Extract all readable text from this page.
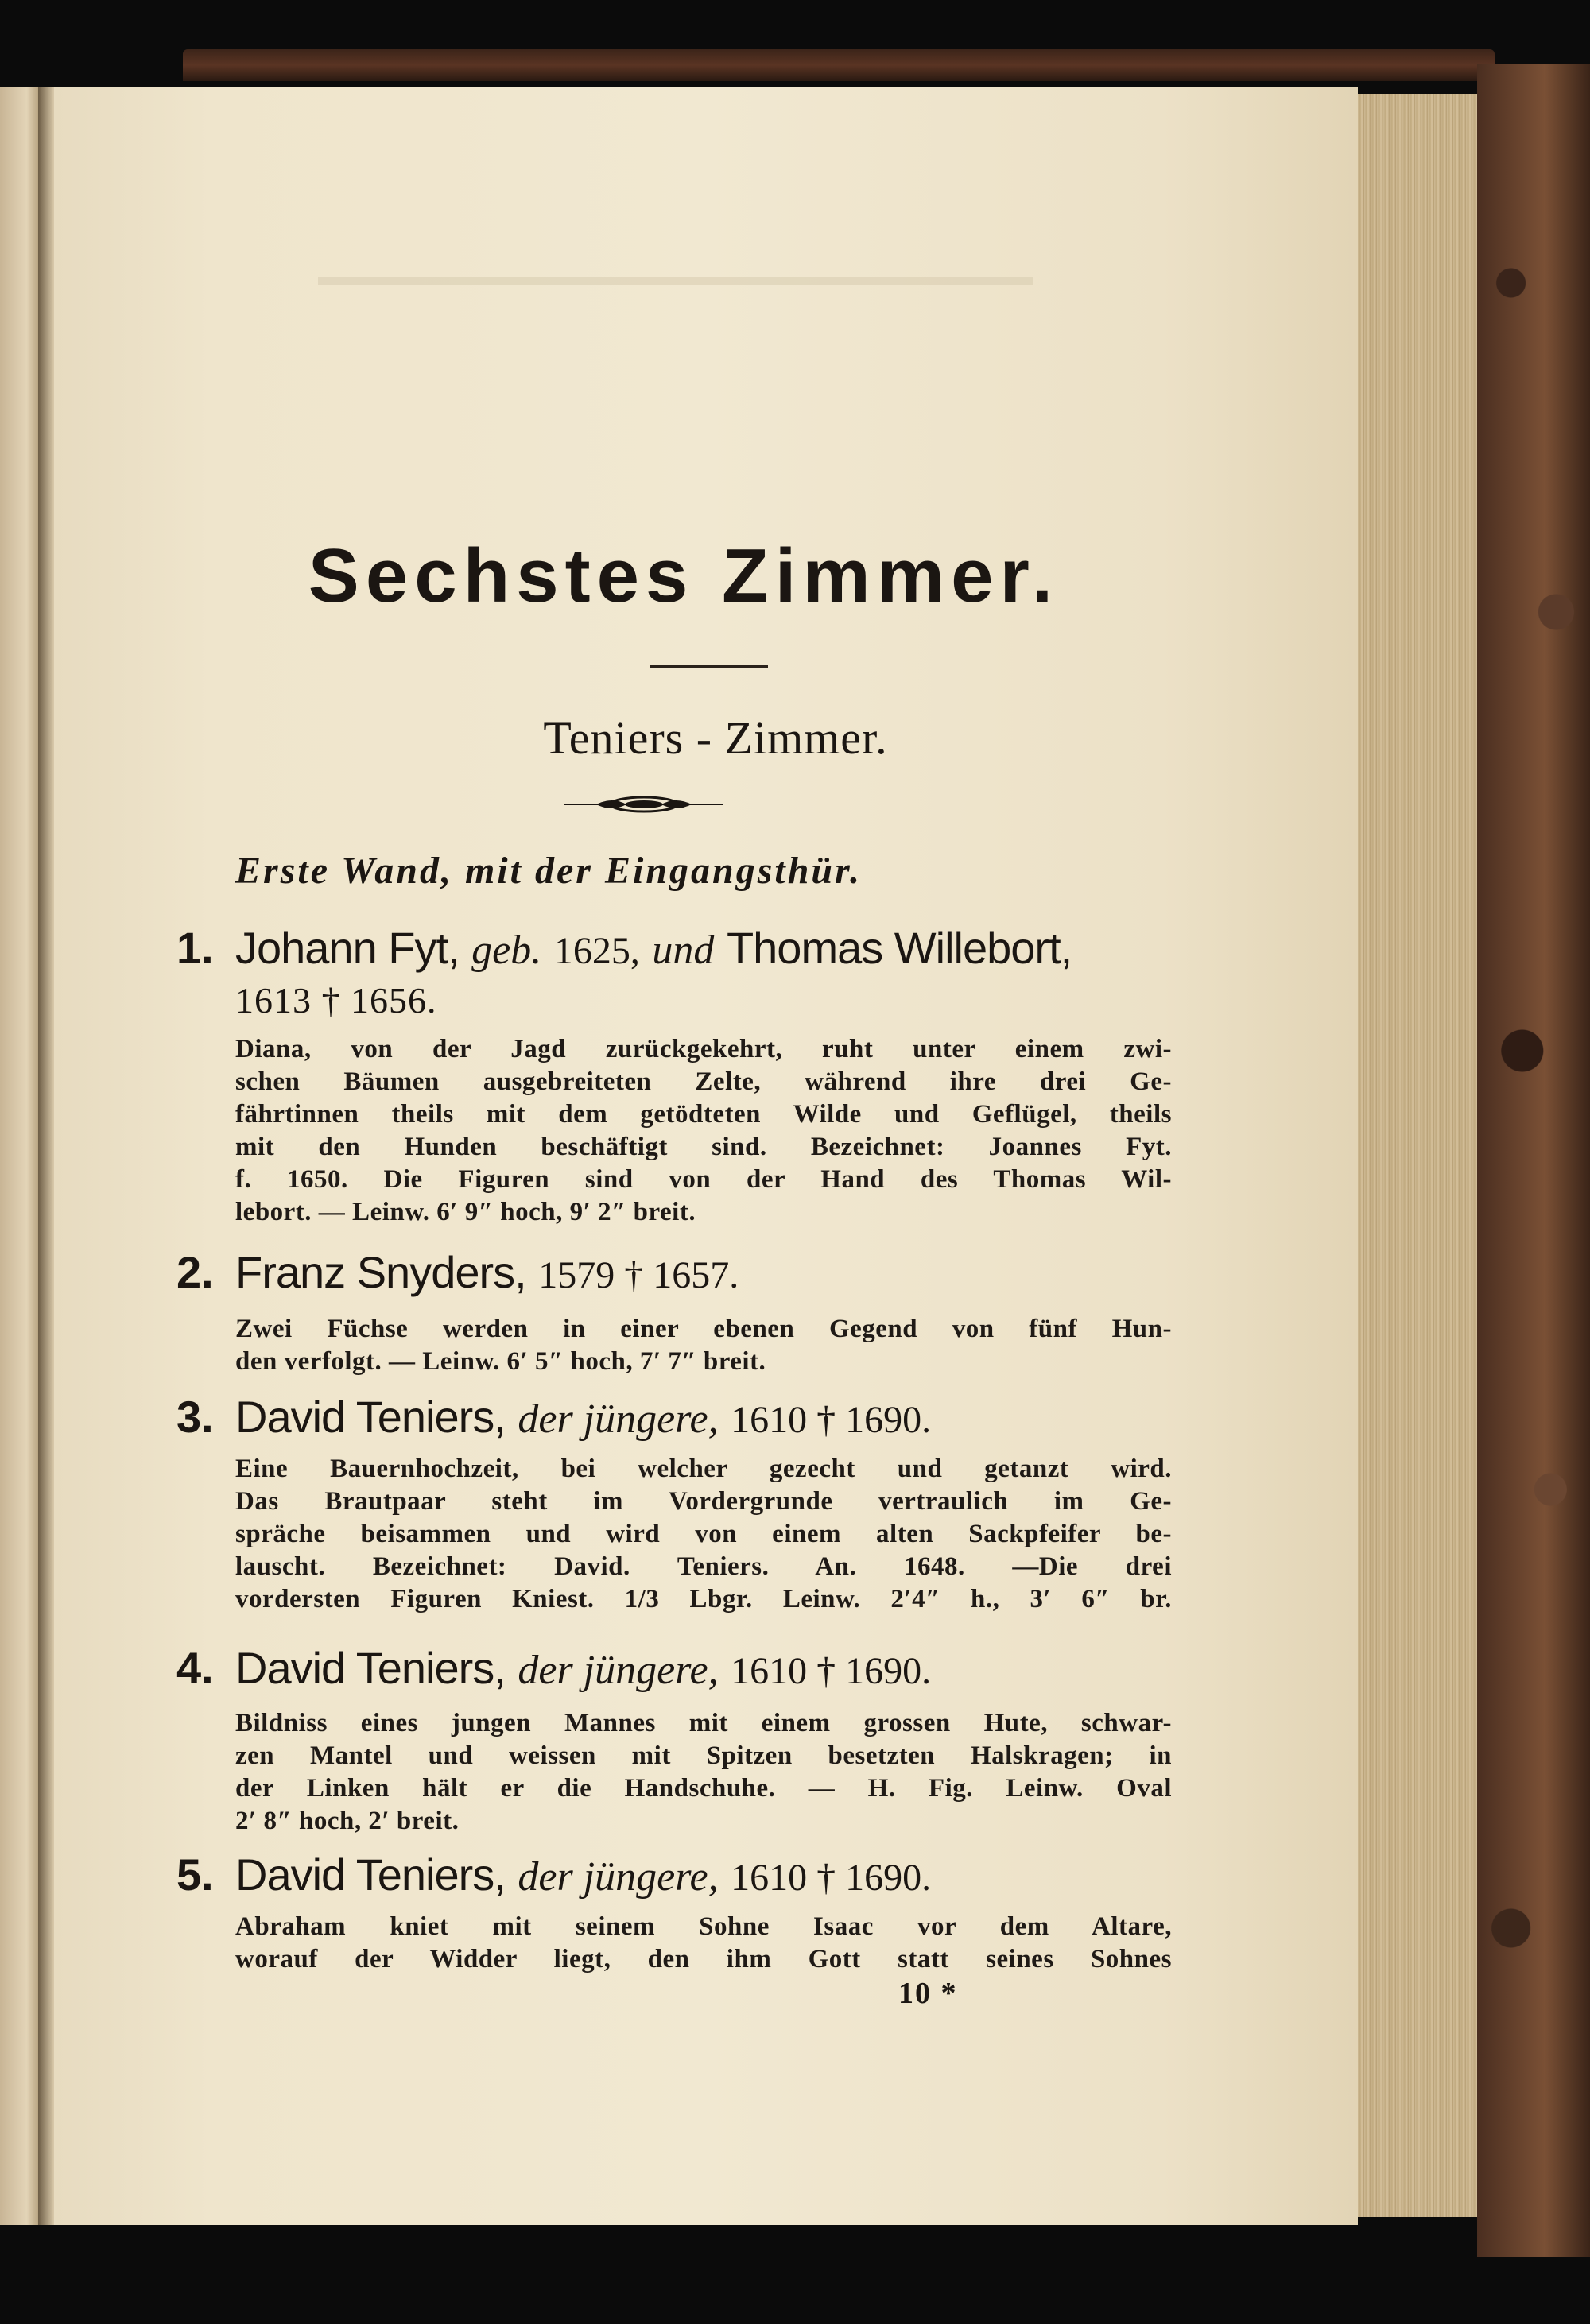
Sechstes Zimmer.
Teniers - Zimmer.
Erste Wand, mit der Eingangsthür.
1. Johann Fyt, geb. 1625, und Thomas Willebort,
1613 † 1656.
Diana, von der Jagd zurückgekehrt, ruht unter einem zwi-
schen Bäumen ausgebreiteten Zelte, während ihre drei Ge-
fährtinnen theils mit dem getödteten Wilde und Geflügel, theils
mit den Hunden beschäftigt sind. Bezeichnet: Joannes Fyt.
f. 1650. Die Figuren sind von der Hand des Thomas Wil-
lebort. — Leinw. 6′ 9″ hoch, 9′ 2″ breit.
2. Franz Snyders, 1579 † 1657.
Zwei Füchse werden in einer ebenen Gegend von fünf Hun-
den verfolgt. — Leinw. 6′ 5″ hoch, 7′ 7″ breit.
3. David Teniers, der jüngere, 1610 † 1690.
Eine Bauernhochzeit, bei welcher gezecht und getanzt wird.
Das Brautpaar steht im Vordergrunde vertraulich im Ge-
spräche beisammen und wird von einem alten Sackpfeifer be-
lauscht. Bezeichnet: David. Teniers. An. 1648. —Die drei
vordersten Figuren Kniest. 1/3 Lbgr. Leinw. 2′4″ h., 3′ 6″ br.
4. David Teniers, der jüngere, 1610 † 1690.
Bildniss eines jungen Mannes mit einem grossen Hute, schwar-
zen Mantel und weissen mit Spitzen besetzten Halskragen; in
der Linken hält er die Handschuhe. — H. Fig. Leinw. Oval
2′ 8″ hoch, 2′ breit.
5. David Teniers, der jüngere, 1610 † 1690.
Abraham kniet mit seinem Sohne Isaac vor dem Altare,
worauf der Widder liegt, den ihm Gott statt seines Sohnes
10 *
